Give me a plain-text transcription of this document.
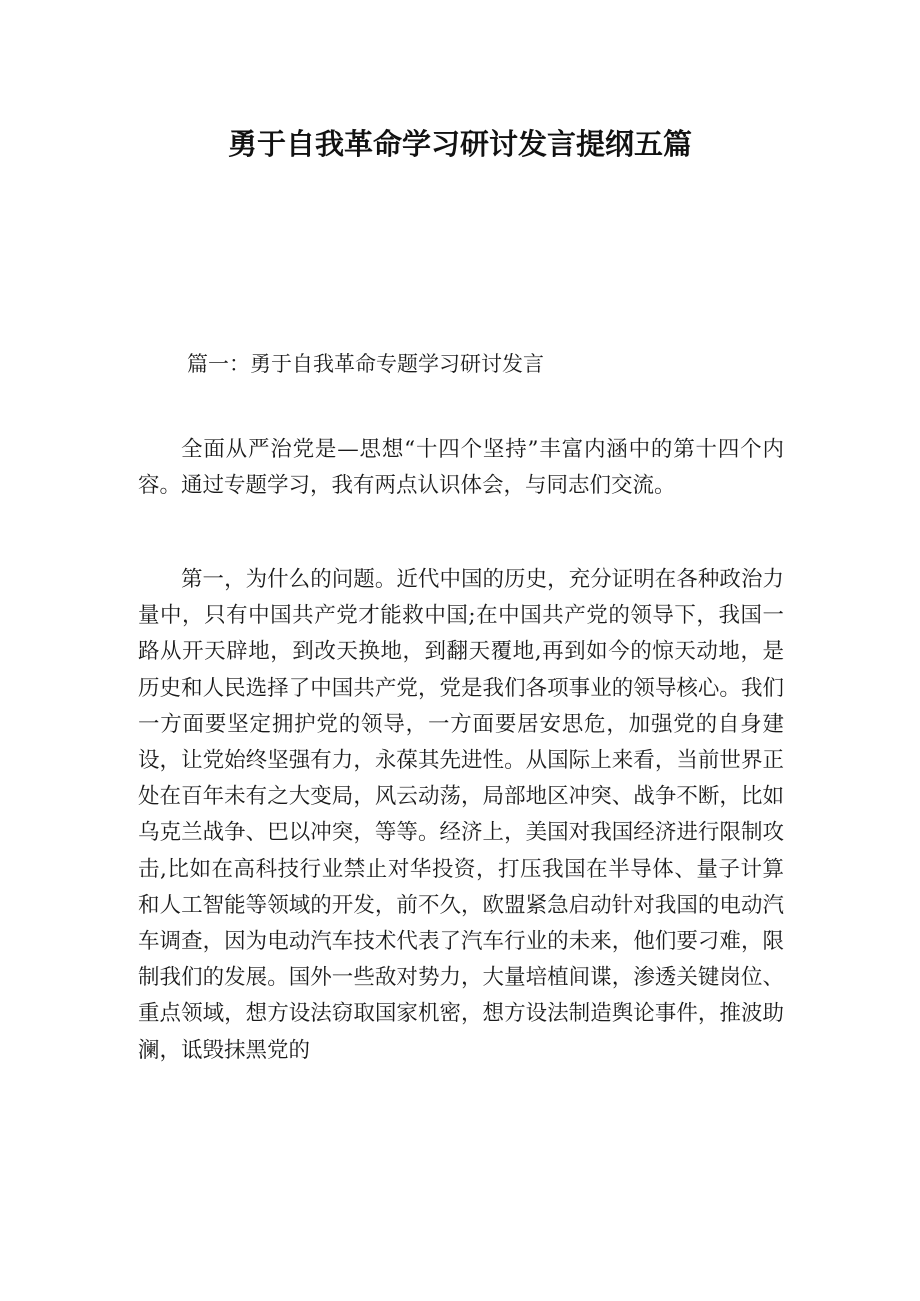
勇于自我革命学习研讨发言提纲五篇

篇一：勇于自我革命专题学习研讨发言

全面从严治党是—思想“十四个坚持”丰富内涵中的第十四个内容。通过专题学习，我有两点认识体会，与同志们交流。

第一，为什么的问题。近代中国的历史，充分证明在各种政治力量中，只有中国共产党才能救中国;在中国共产党的领导下，我国一路从开天辟地，到改天换地，到翻天覆地,再到如今的惊天动地，是历史和人民选择了中国共产党，党是我们各项事业的领导核心。我们一方面要坚定拥护党的领导，一方面要居安思危，加强党的自身建设，让党始终坚强有力，永葆其先进性。从国际上来看，当前世界正处在百年未有之大变局，风云动荡，局部地区冲突、战争不断，比如乌克兰战争、巴以冲突，等等。经济上，美国对我国经济进行限制攻击,比如在高科技行业禁止对华投资，打压我国在半导体、量子计算和人工智能等领域的开发，前不久，欧盟紧急启动针对我国的电动汽车调查，因为电动汽车技术代表了汽车行业的未来，他们要刁难，限制我们的发展。国外一些敌对势力，大量培植间谍，渗透关键岗位、重点领域，想方设法窃取国家机密，想方设法制造舆论事件，推波助澜，诋毁抹黑党的
